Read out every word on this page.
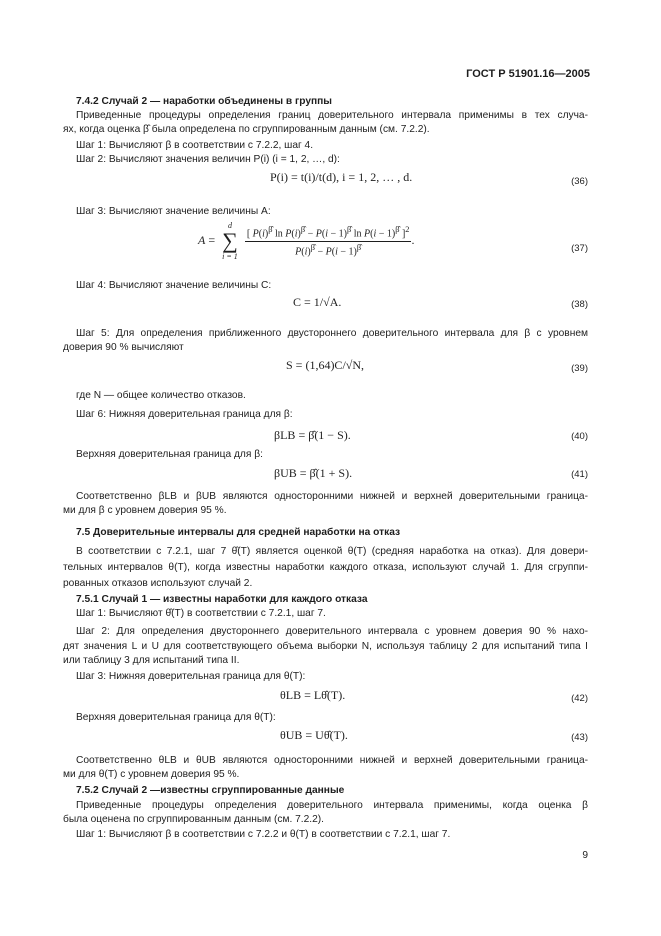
ГОСТ Р 51901.16—2005
7.4.2 Случай 2 — наработки объединены в группы
Приведенные процедуры определения границ доверительного интервала применимы в тех случа-
ях, когда оценка β̂ была определена по сгруппированным данным (см. 7.2.2).
Шаг 1: Вычисляют β в соответствии с 7.2.2, шаг 4.
Шаг 2: Вычисляют значения величин P(i) (i = 1, 2, …, d):
P(i) = t(i)/t(d), i = 1, 2, … , d.	(36)
Шаг 3: Вычисляют значение величины A:
A =
d
∑
i = 1
$\frac{[ P(i)^{\betâ} \ln P(i)^{\betâ} - P(i - 1)^{\betâ} \ln P(i - 1)^{\betâ} ]^2}{P(i)^{\betâ} - P(i - 1)^{\betâ}}$ .
(37)
Шаг 4: Вычисляют значение величины C:
C = 1/√A.	(38)
Шаг 5: Для определения приближенного двустороннего доверительного интервала для β с уровнем
доверия 90 % вычисляют
S = (1,64)C/√N,	(39)
где N — общее количество отказов.
Шаг 6: Нижняя доверительная граница для β:
βLB = β̂(1 − S).	(40)
Верхняя доверительная граница для β:
βUB = β̂(1 + S).	(41)
Соответственно βLB и βUB являются односторонними нижней и верхней доверительными граница-
ми для β с уровнем доверия 95 %.
7.5 Доверительные интервалы для средней наработки на отказ
В соответствии с 7.2.1, шаг 7 θ̂(T) является оценкой θ(T) (средняя наработка на отказ). Для довери-
тельных интервалов θ(T), когда известны наработки каждого отказа, используют случай 1. Для сгруппи-
рованных отказов используют случай 2.
7.5.1 Случай 1 — известны наработки для каждого отказа
Шаг 1: Вычисляют θ̂(T) в соответствии с 7.2.1, шаг 7.
Шаг 2: Для определения двустороннего доверительного интервала с уровнем доверия 90 % нахо-
дят значения L и U для соответствующего объема выборки N, используя таблицу 2 для испытаний типа I
или таблицу 3 для испытаний типа II.
Шаг 3: Нижняя доверительная граница для θ(T):
θLB = Lθ̂(T).	(42)
Верхняя доверительная граница для θ(T):
θUB = Uθ̂(T).	(43)
Соответственно θLB и θUB являются односторонними нижней и верхней доверительными граница-
ми для θ(T) с уровнем доверия 95 %.
7.5.2 Случай 2 —известны сгруппированные данные
Приведенные процедуры определения доверительного интервала применимы, когда оценка β
была оценена по сгруппированным данным (см. 7.2.2).
Шаг 1: Вычисляют β в соответствии с 7.2.2 и θ(T) в соответствии с 7.2.1, шаг 7.
9
